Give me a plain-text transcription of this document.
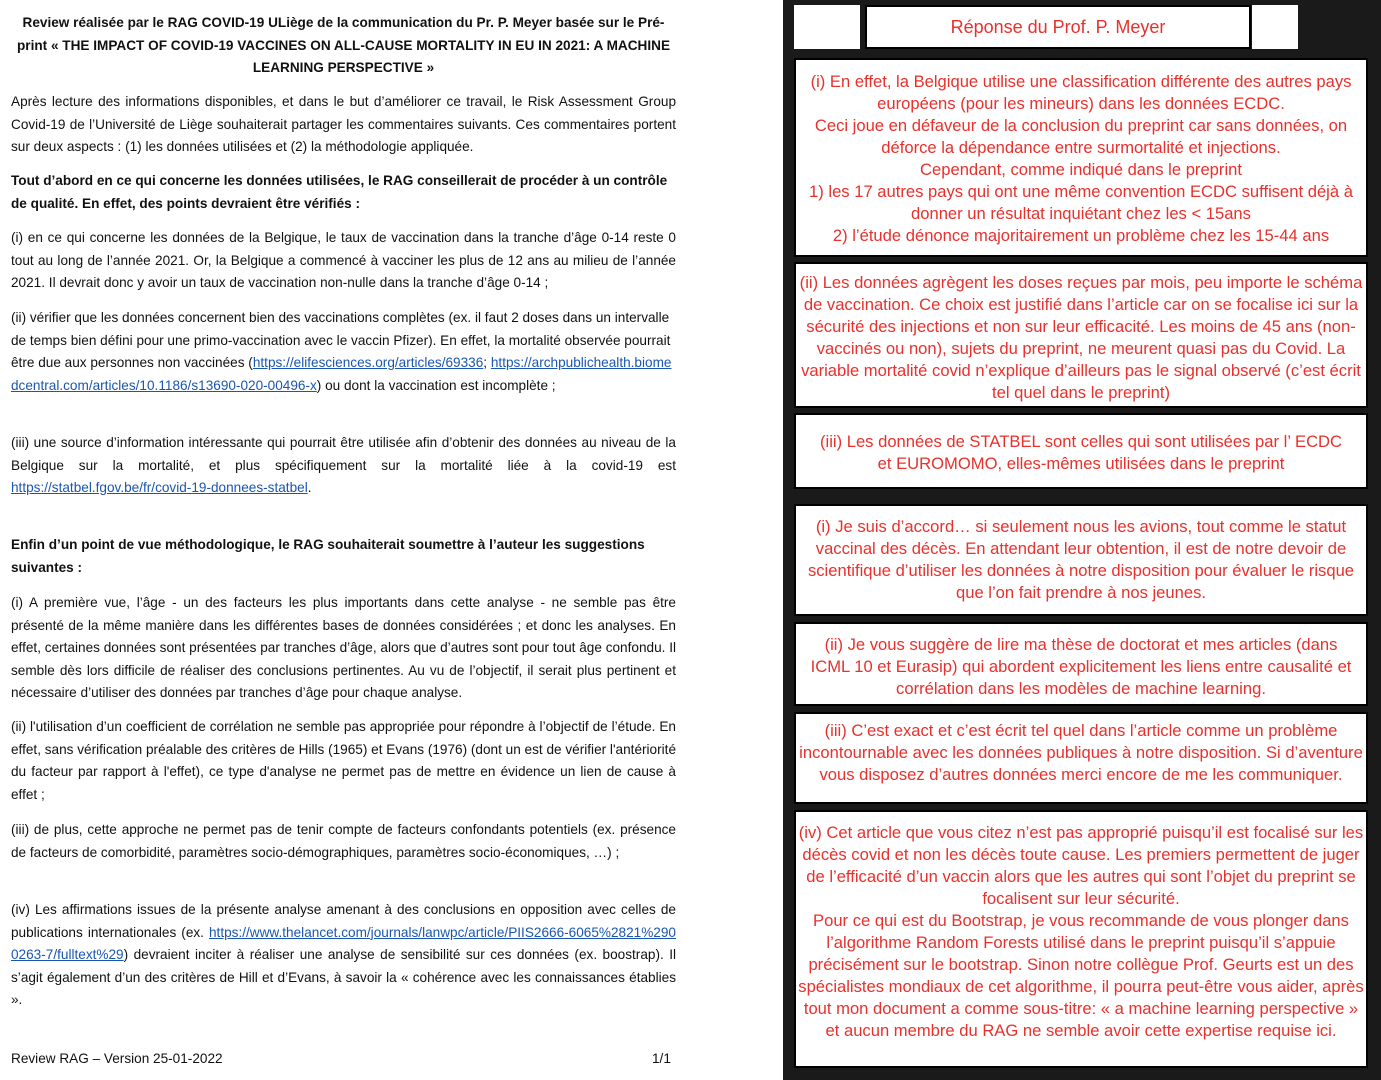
Review réalisée par le RAG COVID-19 ULiège de la communication du Pr. P. Meyer basée sur le Pré-print « THE IMPACT OF COVID-19 VACCINES ON ALL-CAUSE MORTALITY IN EU IN 2021: A MACHINE LEARNING PERSPECTIVE »

Après lecture des informations disponibles, et dans le but d’améliorer ce travail, le Risk Assessment Group Covid-19 de l’Université de Liège souhaiterait partager les commentaires suivants. Ces commentaires portent sur deux aspects : (1) les données utilisées et (2) la méthodologie appliquée.

Tout d’abord en ce qui concerne les données utilisées, le RAG conseillerait de procéder à un contrôle de qualité. En effet, des points devraient être vérifiés :

(i) en ce qui concerne les données de la Belgique, le taux de vaccination dans la tranche d’âge 0-14 reste 0 tout au long de l’année 2021. Or, la Belgique a commencé à vacciner les plus de 12 ans au milieu de l’année 2021. Il devrait donc y avoir un taux de vaccination non-nulle dans la tranche d’âge 0-14 ;

(ii) vérifier que les données concernent bien des vaccinations complètes (ex. il faut 2 doses dans un intervalle de temps bien défini pour une primo-vaccination avec le vaccin Pfizer). En effet, la mortalité observée pourrait être due aux personnes non vaccinées (https://elifesciences.org/articles/69336; https://archpublichealth.biomedcentral.com/articles/10.1186/s13690-020-00496-x) ou dont la vaccination est incomplète ;

(iii) une source d’information intéressante qui pourrait être utilisée afin d’obtenir des données au niveau de la Belgique sur la mortalité, et plus spécifiquement sur la mortalité liée à la covid-19 est https://statbel.fgov.be/fr/covid-19-donnees-statbel.

Enfin d’un point de vue méthodologique, le RAG souhaiterait soumettre à l’auteur les suggestions suivantes :

(i) A première vue, l’âge - un des facteurs les plus importants dans cette analyse - ne semble pas être présenté de la même manière dans les différentes bases de données considérées ; et donc les analyses. En effet, certaines données sont présentées par tranches d’âge, alors que d’autres sont pour tout âge confondu. Il semble dès lors difficile de réaliser des conclusions pertinentes. Au vu de l’objectif, il serait plus pertinent et nécessaire d’utiliser des données par tranches d’âge pour chaque analyse.

(ii) l'utilisation d’un coefficient de corrélation ne semble pas appropriée pour répondre à l’objectif de l’étude. En effet, sans vérification préalable des critères de Hills (1965) et Evans (1976) (dont un est de vérifier l'antériorité du facteur par rapport à l'effet), ce type d'analyse ne permet pas de mettre en évidence un lien de cause à effet ;

(iii) de plus, cette approche ne permet pas de tenir compte de facteurs confondants potentiels (ex. présence de facteurs de comorbidité, paramètres socio-démographiques, paramètres socio-économiques, …) ;

(iv) Les affirmations issues de la présente analyse amenant à des conclusions en opposition avec celles de publications internationales (ex. https://www.thelancet.com/journals/lanwpc/article/PIIS2666-6065%2821%2900263-7/fulltext%29) devraient inciter à réaliser une analyse de sensibilité sur ces données (ex. boostrap). Il s’agit également d’un des critères de Hill et d’Evans, à savoir la « cohérence avec les connaissances établies ».

Review RAG – Version 25-01-2022	1/1
Réponse du Prof. P. Meyer

(i) En effet, la Belgique utilise une classification différente des autres pays européens (pour les mineurs) dans les données ECDC.

Ceci joue en défaveur de la conclusion du preprint car sans données, on déforce la dépendance entre surmortalité et injections.

Cependant, comme indiqué dans le preprint

1) les 17 autres pays qui ont une même convention ECDC suffisent déjà à donner un résultat inquiétant chez les < 15ans

2) l’étude dénonce majoritairement un problème chez les 15-44 ans

(ii) Les données agrègent les doses reçues par mois, peu importe le schéma de vaccination. Ce choix est justifié dans l’article car on se focalise ici sur la sécurité des injections et non sur leur efficacité. Les moins de 45 ans (non-vaccinés ou non), sujets du preprint, ne meurent quasi pas du Covid. La variable mortalité covid n’explique d’ailleurs pas le signal observé (c’est écrit tel quel dans le preprint)

(iii) Les données de STATBEL sont celles qui sont utilisées par l’ ECDC et EUROMOMO, elles-mêmes utilisées dans le preprint

(i) Je suis d’accord… si seulement nous les avions, tout comme le statut vaccinal des décès. En attendant leur obtention, il est de notre devoir de scientifique d’utiliser les données à notre disposition pour évaluer le risque que l’on fait prendre à nos jeunes.

(ii) Je vous suggère de lire ma thèse de doctorat et mes articles (dans ICML 10 et Eurasip) qui abordent explicitement les liens entre causalité et corrélation dans les modèles de machine learning.

(iii) C’est exact et c’est écrit tel quel dans l’article comme un problème incontournable avec les données publiques à notre disposition. Si d’aventure vous disposez d’autres données merci encore de me les communiquer.

(iv) Cet article que vous citez n’est pas approprié puisqu’il est focalisé sur les décès covid et non les décès toute cause. Les premiers permettent de juger de l’efficacité d’un vaccin alors que les autres qui sont l’objet du preprint se focalisent sur leur sécurité.

Pour ce qui est du Bootstrap, je vous recommande de vous plonger dans l’algorithme Random Forests utilisé dans le preprint puisqu’il s’appuie précisément sur le bootstrap. Sinon notre collègue Prof. Geurts est un des spécialistes mondiaux de cet algorithme, il pourra peut-être vous aider, après tout mon document a comme sous-titre: « a machine learning perspective » et aucun membre du RAG ne semble avoir cette expertise requise ici.
